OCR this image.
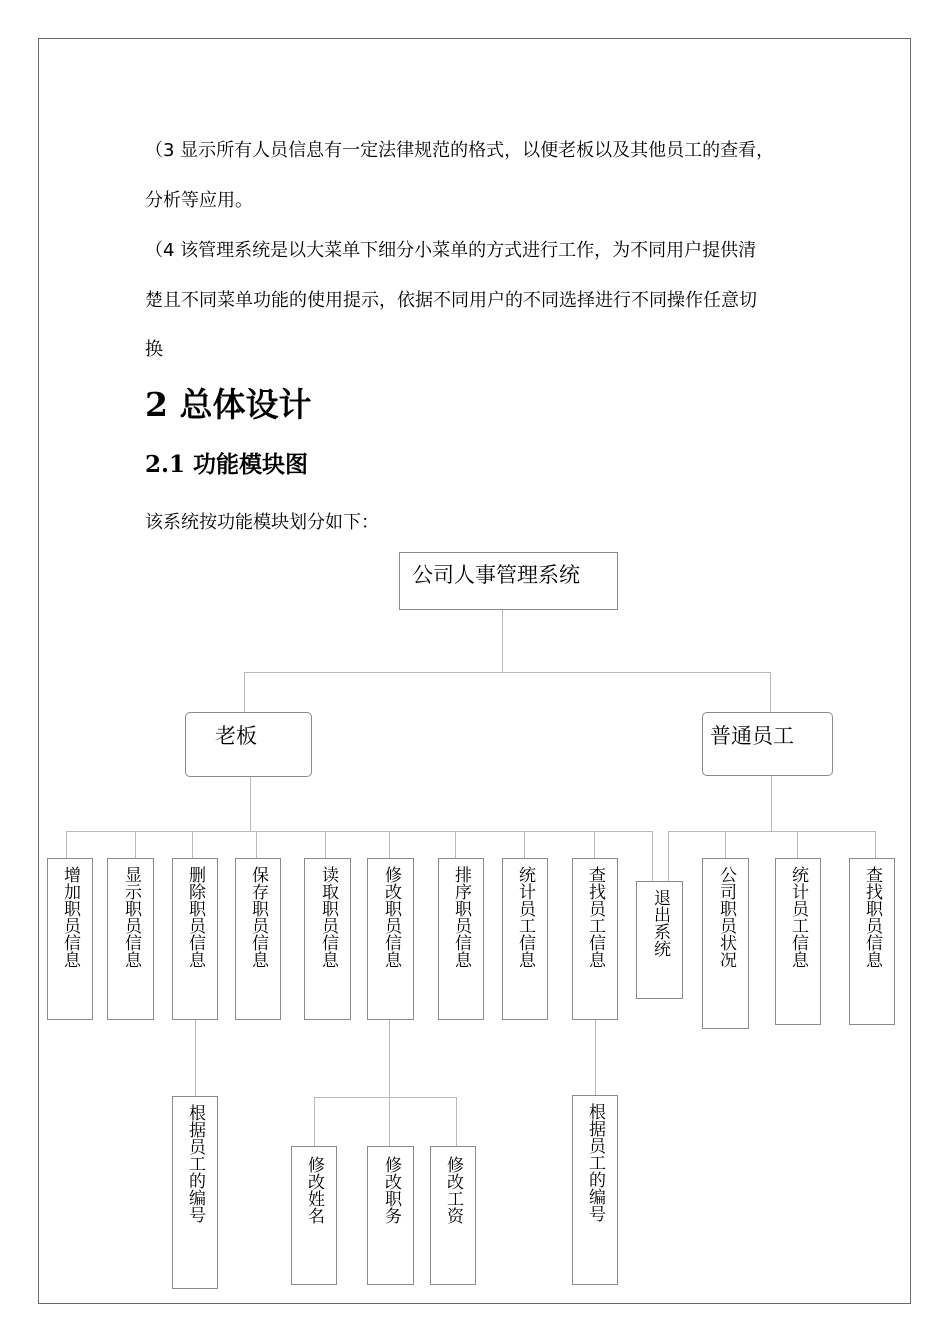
（3 显示所有人员信息有一定法律规范的格式，以便老板以及其他员工的查看，
分析等应用。
（4 该管理系统是以大菜单下细分小菜单的方式进行工作，为不同用户提供清
楚且不同菜单功能的使用提示，依据不同用户的不同选择进行不同操作任意切
换
2 总体设计
2.1 功能模块图
该系统按功能模块划分如下：
公司人事管理系统
老板	普通员工
增加职员信息 显示职员信息	删除职员信息	保存职员信息	读取职员信息	修改职员信息	排序职员信息	统计员工信息	查找员工信息	退出系统	公司职员状况	统计员工信息	查找职员信息
根据员工的编号	修改姓名	修改职务 修改工资	根据员工的编号
